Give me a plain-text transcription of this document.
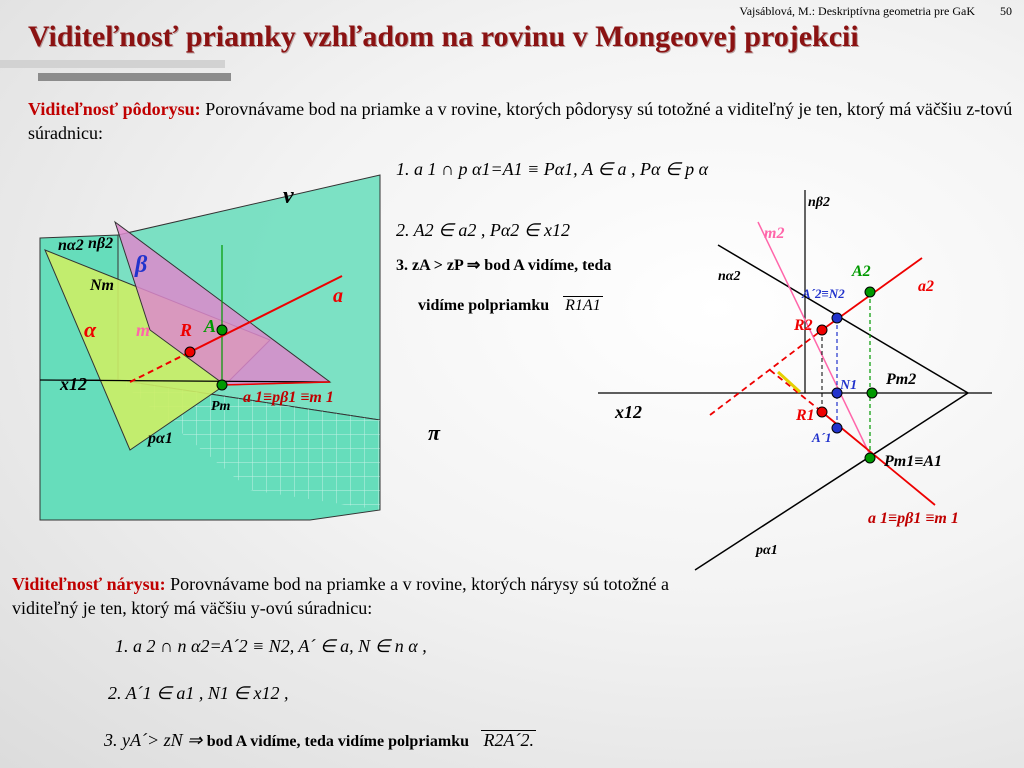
Vajsáblová, M.: Deskriptívna geometria pre GaK 50
Viditeľnosť priamky vzhľadom na rovinu v Mongeovej projekcii
Viditeľnosť pôdorysu: Porovnávame bod na priamke a v rovine, ktorých pôdorysy sú totožné a viditeľný je ten, ktorý má väčšiu z-tovú súradnicu:
1. a 1 ∩ p α1=A1 ≡ Pα1, A ∈ a , Pα ∈ p α
2. A2 ∈ a2 , Pα2 ∈ x12
3. zA > zP ⇒ bod A vidíme, teda
vidíme polpriamku R1A1
Viditeľnosť nárysu: Porovnávame bod na priamke a v rovine, ktorých nárysy sú totožné a viditeľný je ten, ktorý má väčšiu y-ovú súradnicu:
1. a 2 ∩ n α2=A´2 ≡ N2, A´ ∈ a, N ∈ n α ,
2. A´1 ∈ a1 , N1 ∈ x12 ,
3. yA´> zN ⇒ bod A vidíme, teda vidíme polpriamku R2A´2.
ν
nα2 nβ2
β
Nm	a
α m R A
x12
Pm
a 1≡pβ1 ≡m 1
pα1	π
nβ2
m2
nα2	A2
a2
A´2≡N2
R2
N1 Pm2
x12	R1
A´1
Pm1≡A1
a 1≡pβ1 ≡m 1
pα1
